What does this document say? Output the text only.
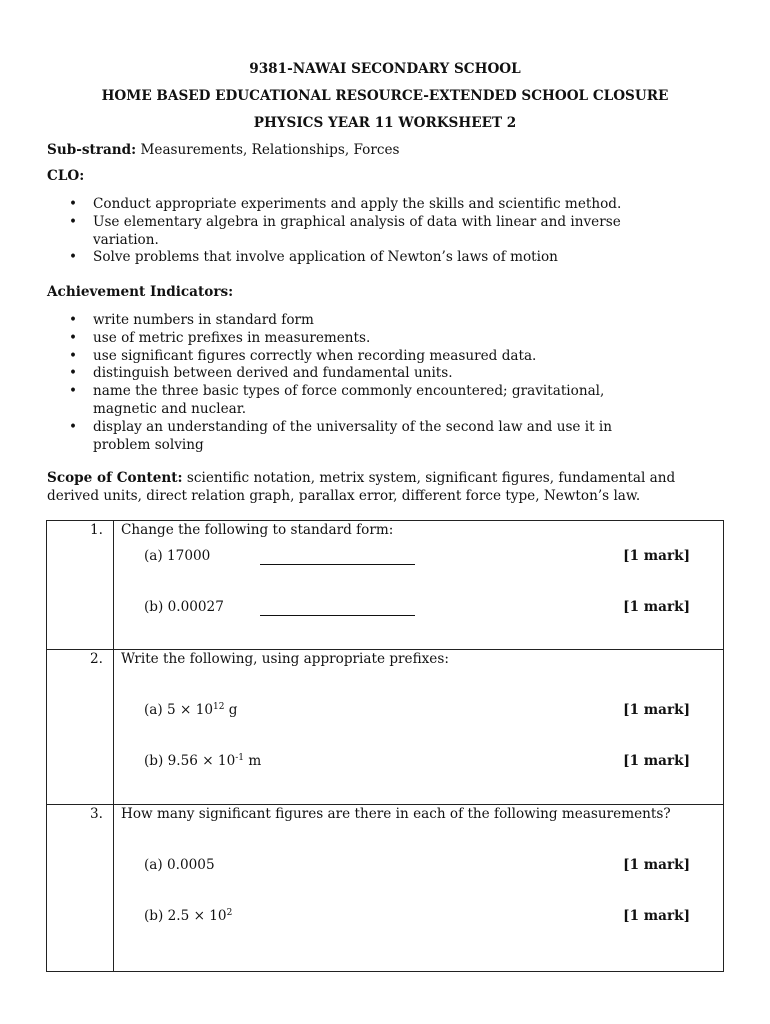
9381-NAWAI SECONDARY SCHOOL
HOME BASED EDUCATIONAL RESOURCE-EXTENDED SCHOOL CLOSURE
PHYSICS YEAR 11 WORKSHEET 2
Sub-strand: Measurements, Relationships, Forces
CLO:
• Conduct appropriate experiments and apply the skills and scientific method.
• Use elementary algebra in graphical analysis of data with linear and inverse variation.
• Solve problems that involve application of Newton’s laws of motion
Achievement Indicators:
• write numbers in standard form
• use of metric prefixes in measurements.
• use significant figures correctly when recording measured data.
• distinguish between derived and fundamental units.
• name the three basic types of force commonly encountered; gravitational, magnetic and nuclear.
• display an understanding of the universality of the second law and use it in problem solving
Scope of Content: scientific notation, metrix system, significant figures, fundamental and derived units, direct relation graph, parallax error, different force type, Newton’s law.
1.	Change the following to standard form:
(a) 17000 [1 mark]
(b) 0.00027 [1 mark]

2.	Write the following, using appropriate prefixes:
(a) $5 \times 10^{12}$ g [1 mark]
(b) $9.56 \times 10^{-1}$ m [1 mark]

3.	How many significant figures are there in each of the following measurements?
(a) 0.0005 [1 mark]
(b) $2.5 \times 10^2$ [1 mark]
